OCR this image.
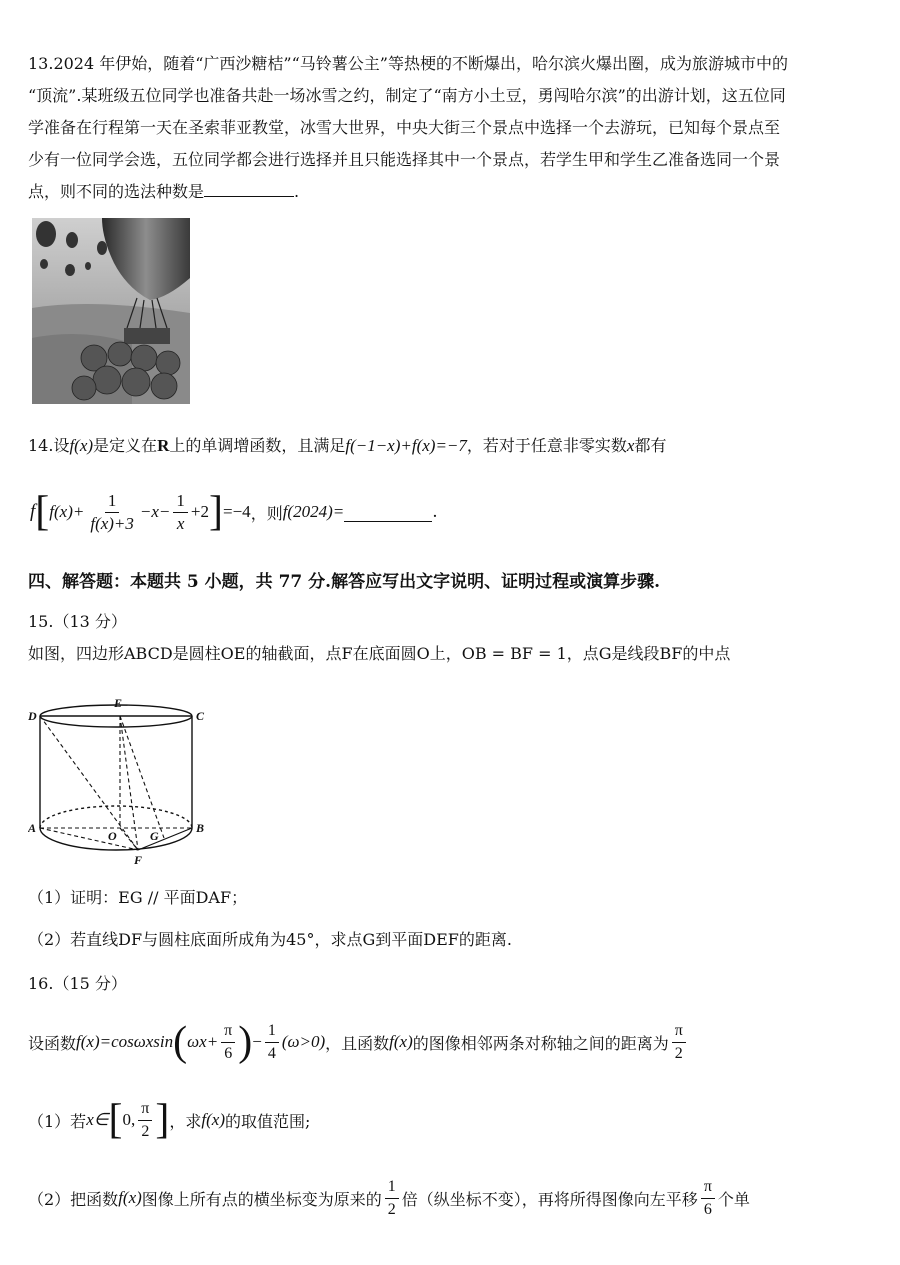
13.2024 年伊始，随着“广西沙糖桔”“马铃薯公主”等热梗的不断爆出，哈尔滨火爆出圈，成为旅游城市中的
“顶流”.某班级五位同学也准备共赴一场冰雪之约，制定了“南方小土豆，勇闯哈尔滨”的出游计划，这五位同
学准备在行程第一天在圣索菲亚教堂，冰雪大世界，中央大街三个景点中选择一个去游玩，已知每个景点至
少有一位同学会选，五位同学都会进行选择并且只能选择其中一个景点，若学生甲和学生乙准备选同一个景
点，则不同的选法种数是	.
14.设f(x)是定义在R上的单调增函数，且满足f(−1−x)+f(x)=−7，若对于任意非零实数x都有
f [ $f(x)+ \frac{1}{f(x)+3} -x- \frac{1}{x} +2$ ] =−4 ，则 f(2024)=	.
四、解答题：本题共 5 小题，共 77 分.解答应写出文字说明、证明过程或演算步骤.
15.（13 分）
如图，四边形ABCD是圆柱OE的轴截面，点F在底面圆O上，OB = BF = 1，点G是线段BF的中点
D
E
C
A
O	G
B
F
（1）证明：EG // 平面DAF；
（2）若直线DF与圆柱底面所成角为45°，求点G到平面DEF的距离.
16.（15 分）
设函数 f(x)=cosωxsin ( $\omega x+ \frac{\pi}{6}$ ) − $\frac{1}{4} (\omega>0)$ ，且函数 f(x) 的图像相邻两条对称轴之间的距离为 $\frac{\pi}{2}$
（1）若 x∈ [ 0, $\frac{\pi}{2}$ ] ，求 f(x) 的取值范围;
（2）把函数 f(x) 图像上所有点的横坐标变为原来的 $\frac{1}{2}$ 倍（纵坐标不变），再将所得图像向左平移 $\frac{\pi}{6}$ 个单
